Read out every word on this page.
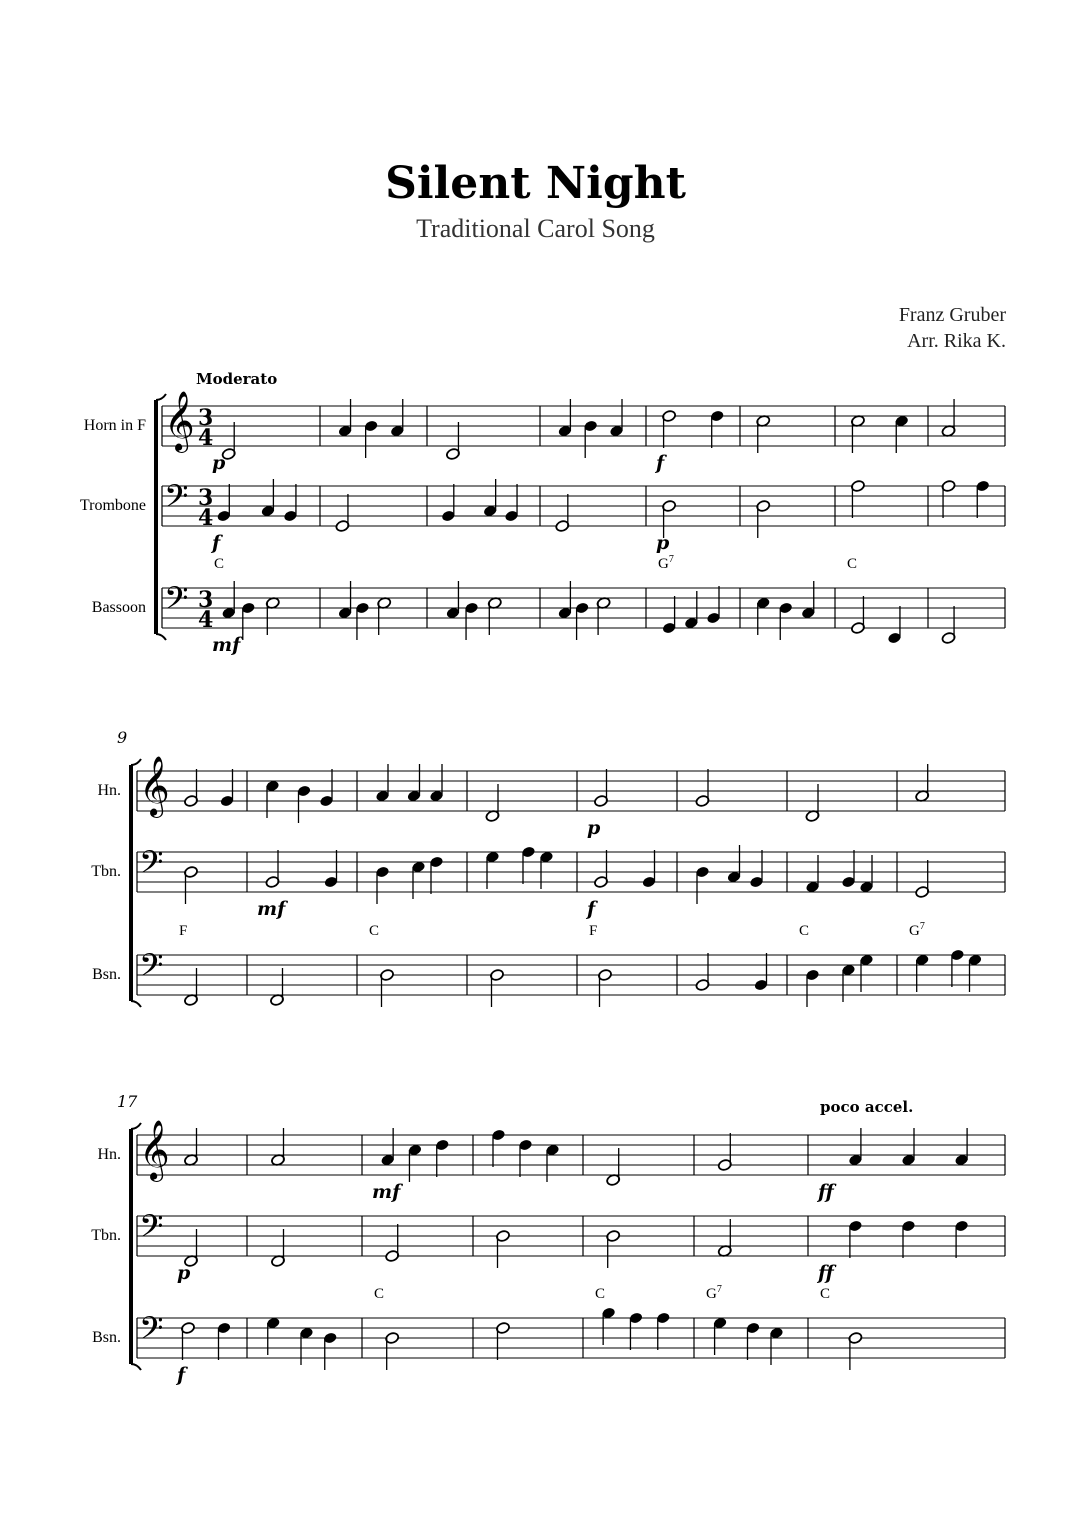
Silent Night
Traditional Carol Song
Franz Gruber
Arr. Rika K.
Horn in F 𝄞 3
4
Trombone 𝄢 3
4
Bassoon 𝄢 3
4
C	$G^7$	C
p	f
f	p
mf
Hn. 𝄞
Tbn. 𝄢
Bsn. 𝄢
9
F	C	F	C	$G^7$
p
mf	f
Hn. 𝄞
Tbn. 𝄢
Bsn. 𝄢
17
C	C	$G^7$	C
mf	ff
p	ff
f
Moderato
poco accel.
